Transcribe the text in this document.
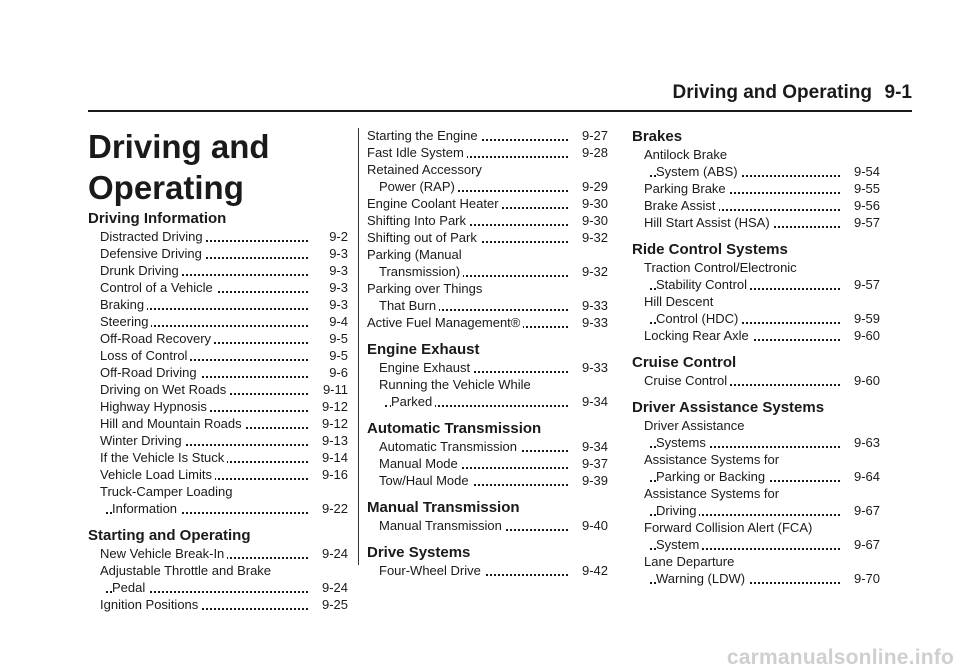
Driving and Operating 9-1
Driving and Operating
Driving Information
Distracted Driving	9-2
Defensive Driving	9-3
Drunk Driving	9-3
Control of a Vehicle	9-3
Braking	9-3
Steering	9-4
Off-Road Recovery	9-5
Loss of Control	9-5
Off-Road Driving	9-6
Driving on Wet Roads	9-11
Highway Hypnosis	9-12
Hill and Mountain Roads	9-12
Winter Driving	9-13
If the Vehicle Is Stuck	9-14
Vehicle Load Limits	9-16
Truck-Camper Loading
Information	9-22
Starting and Operating
New Vehicle Break-In	9-24
Adjustable Throttle and Brake
Pedal	9-24
Ignition Positions	9-25
Starting the Engine	9-27
Fast Idle System	9-28
Retained Accessory
Power (RAP)	9-29
Engine Coolant Heater	9-30
Shifting Into Park	9-30
Shifting out of Park	9-32
Parking (Manual
Transmission)	9-32
Parking over Things
That Burn	9-33
Active Fuel Management®	9-33
Engine Exhaust
Engine Exhaust	9-33
Running the Vehicle While
Parked	9-34
Automatic Transmission
Automatic Transmission	9-34
Manual Mode	9-37
Tow/Haul Mode	9-39
Manual Transmission
Manual Transmission	9-40
Drive Systems
Four-Wheel Drive	9-42
Brakes
Antilock Brake
System (ABS)	9-54
Parking Brake	9-55
Brake Assist	9-56
Hill Start Assist (HSA)	9-57
Ride Control Systems
Traction Control/Electronic
Stability Control	9-57
Hill Descent
Control (HDC)	9-59
Locking Rear Axle	9-60
Cruise Control
Cruise Control	9-60
Driver Assistance Systems
Driver Assistance
Systems	9-63
Assistance Systems for
Parking or Backing	9-64
Assistance Systems for
Driving	9-67
Forward Collision Alert (FCA)
System	9-67
Lane Departure
Warning (LDW)	9-70
carmanualsonline.info
